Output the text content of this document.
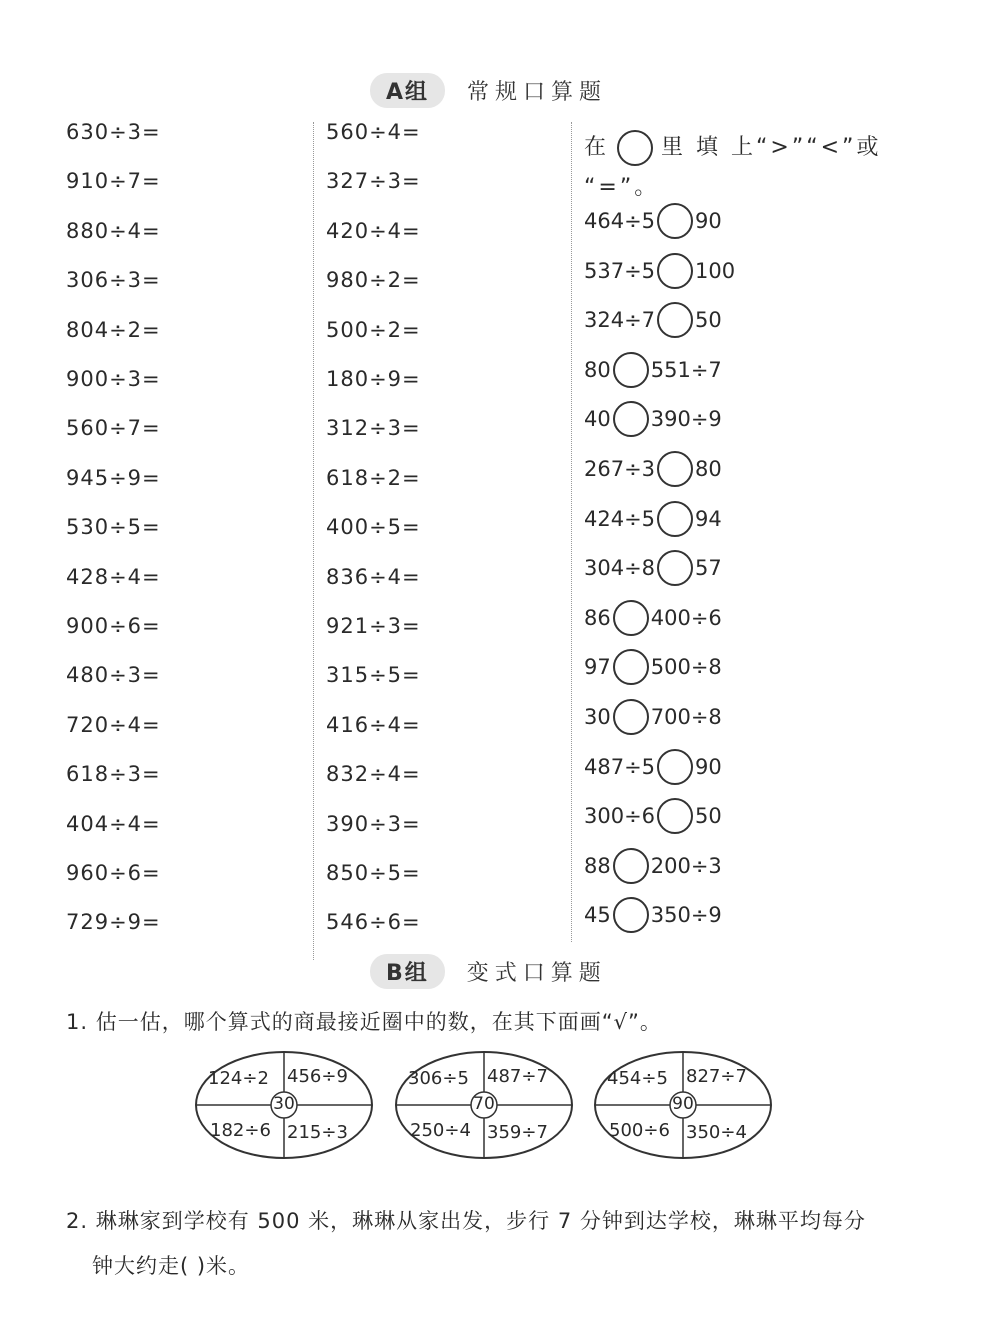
A组	常规口算题
630÷3=
910÷7=
880÷4=
306÷3=
804÷2=
900÷3=
560÷7=
945÷9=
530÷5=
428÷4=
900÷6=
480÷3=
720÷4=
618÷3=
404÷4=
960÷6=
729÷9=
560÷4=
327÷3=
420÷4=
980÷2=
500÷2=
180÷9=
312÷3=
618÷2=
400÷5=
836÷4=
921÷3=
315÷5=
416÷4=
832÷4=
390÷3=
850÷5=
546÷6=
在 里 填 上“>”“<”或
“=”。
464÷5 90
537÷5 100
324÷7 50
80 551÷7
40 390÷9
267÷3 80
424÷5 94
304÷8 57
86 400÷6
97 500÷8
30 700÷8
487÷5 90
300÷6 50
88 200÷3
45 350÷9
B组	变式口算题
1. 估一估，哪个算式的商最接近圈中的数，在其下面画“√”。
124÷2 456÷9
182÷6 215÷3
30
306÷5 487÷7
250÷4 359÷7
70
454÷5 827÷7
500÷6 350÷4
90
2. 琳琳家到学校有 500 米，琳琳从家出发，步行 7 分钟到达学校，琳琳平均每分
钟大约走( )米。
